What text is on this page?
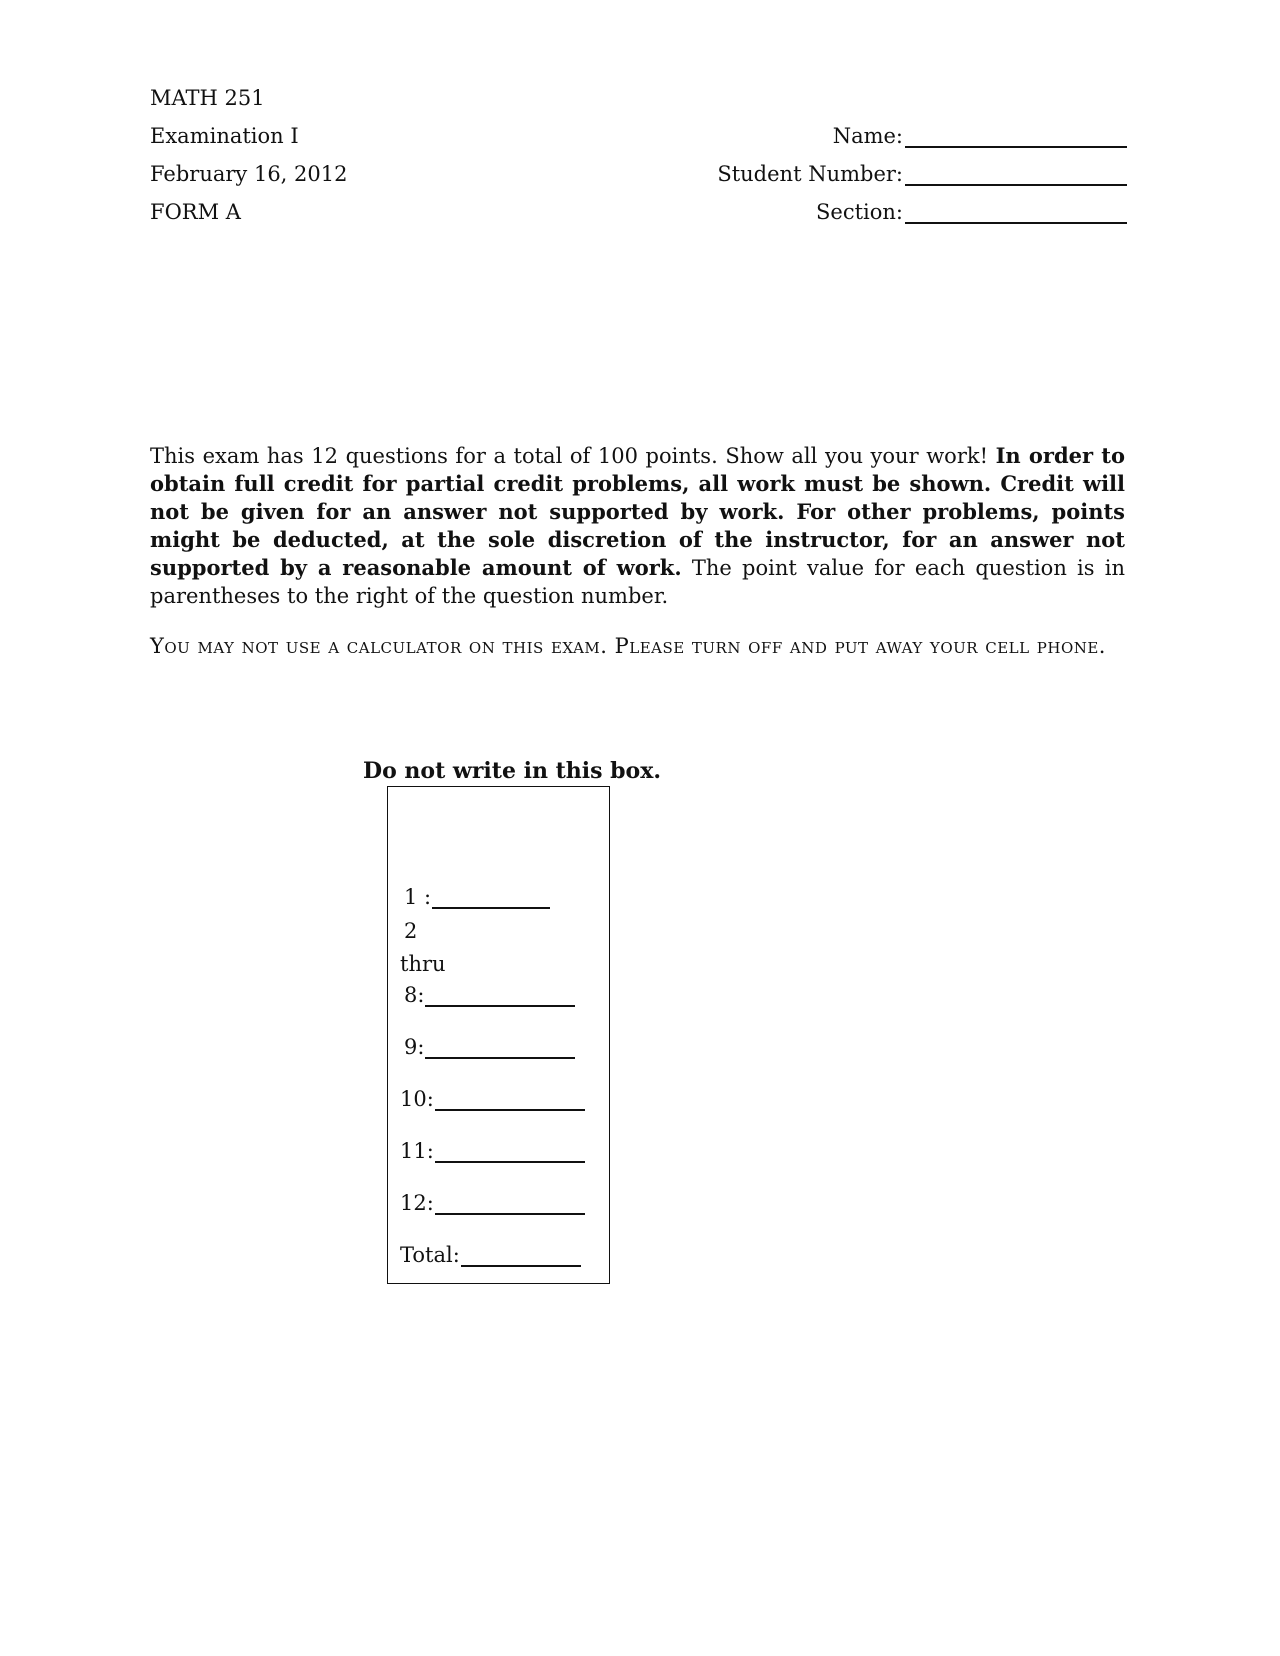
MATH 251
Examination I
February 16, 2012
FORM A
Name:
Student Number:
Section:
This exam has 12 questions for a total of 100 points. Show all you your work! In order to obtain full credit for partial credit problems, all work must be shown. Credit will not be given for an answer not supported by work. For other problems, points might be deducted, at the sole discretion of the instructor, for an answer not supported by a reasonable amount of work. The point value for each question is in parentheses to the right of the question number.
You may not use a calculator on this exam. Please turn off and put away your cell phone.
Do not write in this box.
1 :
2
thru
8:
9:
10:
11:
12:
Total:
